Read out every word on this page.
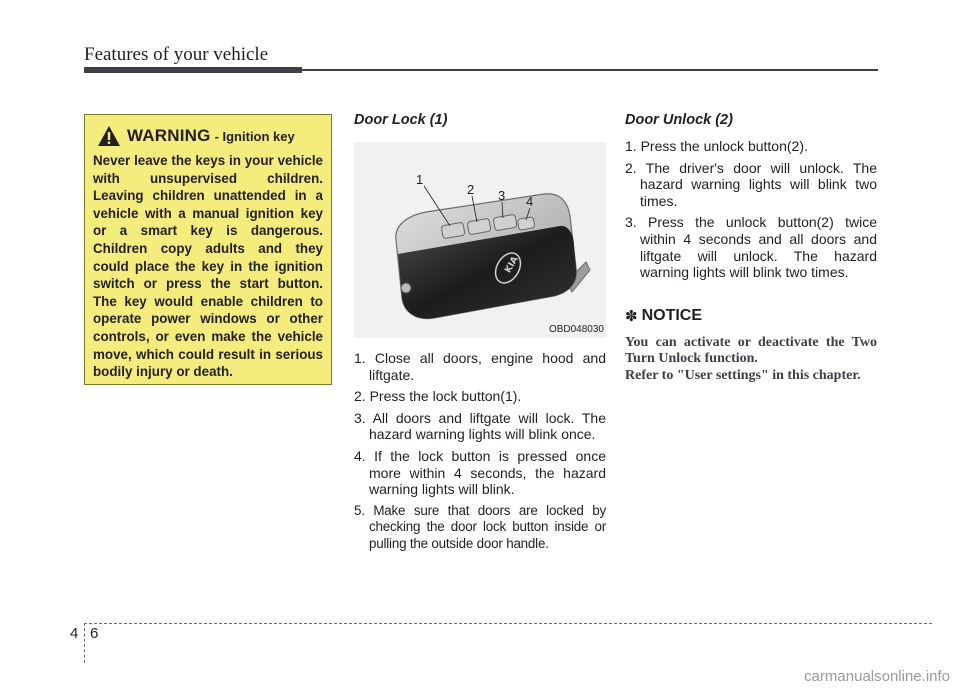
Features of your vehicle
WARNING - Ignition key
Never leave the keys in your vehicle with unsupervised children. Leaving children unattended in a vehicle with a manual ignition key or a smart key is dangerous. Children copy adults and they could place the key in the ignition switch or press the start button. The key would enable children to operate power windows or other controls, or even make the vehicle move, which could result in serious bodily injury or death.
Door Lock (1)
KIA
1
2 3 4
OBD048030
1. Close all doors, engine hood and liftgate.
2. Press the lock button(1).
3. All doors and liftgate will lock. The hazard warning lights will blink once.
4. If the lock button is pressed once more within 4 seconds, the hazard warning lights will blink.
5. Make sure that doors are locked by checking the door lock button inside or pulling the outside door handle.
Door Unlock (2)
1. Press the unlock button(2).
2. The driver's door will unlock. The hazard warning lights will blink two times.
3. Press the unlock button(2) twice within 4 seconds and all doors and liftgate will unlock. The hazard warning lights will blink two times.
✽ NOTICE
You can activate or deactivate the Two Turn Unlock function.
Refer to "User settings" in this chapter.
4 6
carmanualsonline.info
